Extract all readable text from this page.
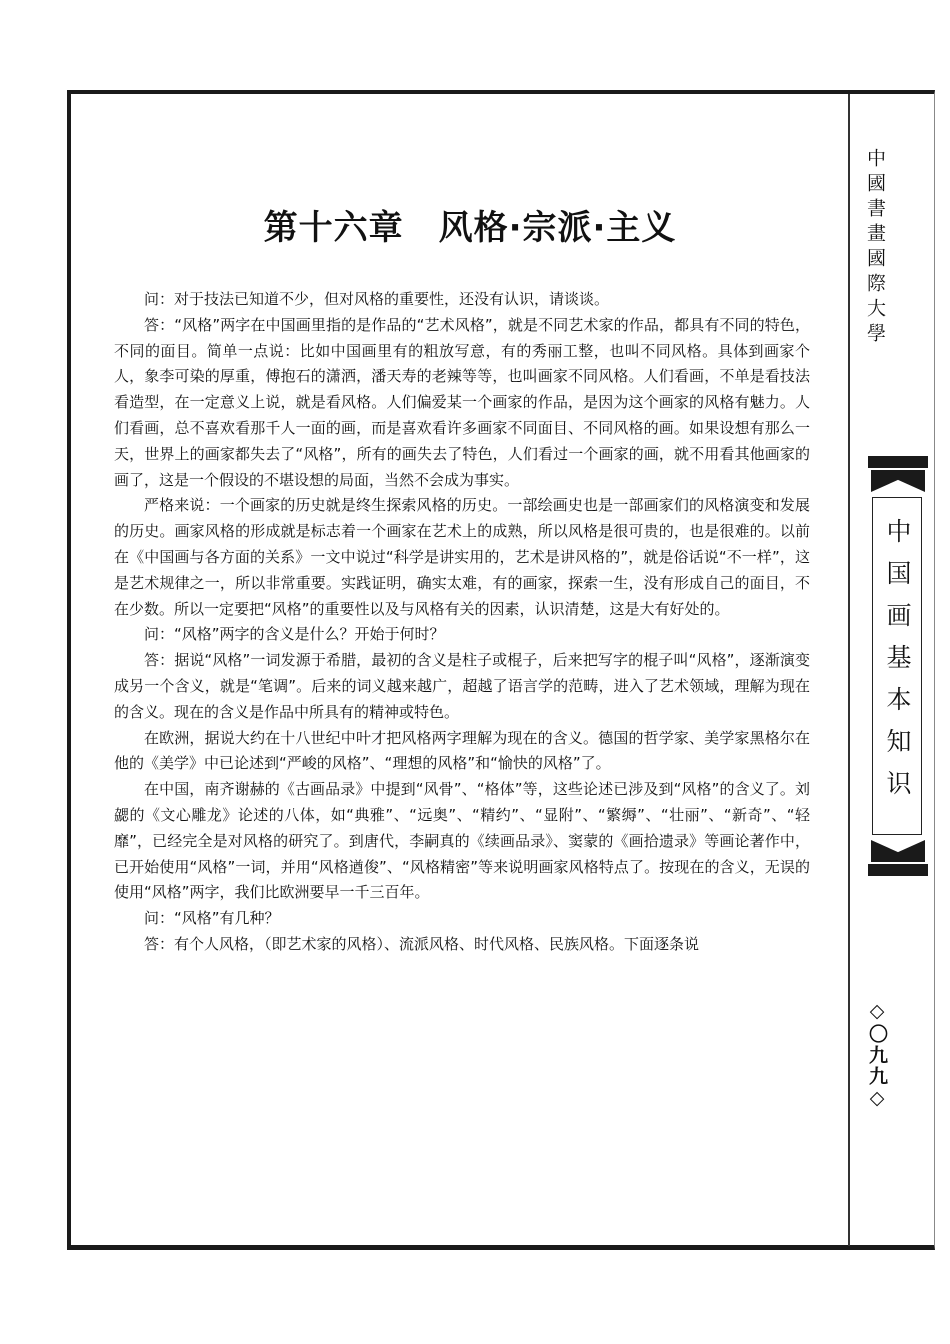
中國書畫國際大學
中国画基本知识
◇〇九九◇
第十六章　风格·宗派·主义

问：对于技法已知道不少，但对风格的重要性，还没有认识，请谈谈。

答：“风格”两字在中国画里指的是作品的“艺术风格”，就是不同艺术家的作品，都具有不同的特色，不同的面目。简单一点说：比如中国画里有的粗放写意，有的秀丽工整，也叫不同风格。具体到画家个人，象李可染的厚重，傅抱石的潇洒，潘天寿的老辣等等，也叫画家不同风格。人们看画，不单是看技法看造型，在一定意义上说，就是看风格。人们偏爱某一个画家的作品，是因为这个画家的风格有魅力。人们看画，总不喜欢看那千人一面的画，而是喜欢看许多画家不同面目、不同风格的画。如果设想有那么一天，世界上的画家都失去了“风格”，所有的画失去了特色，人们看过一个画家的画，就不用看其他画家的画了，这是一个假设的不堪设想的局面，当然不会成为事实。

严格来说：一个画家的历史就是终生探索风格的历史。一部绘画史也是一部画家们的风格演变和发展的历史。画家风格的形成就是标志着一个画家在艺术上的成熟，所以风格是很可贵的，也是很难的。以前在《中国画与各方面的关系》一文中说过“科学是讲实用的，艺术是讲风格的”，就是俗话说“不一样”，这是艺术规律之一，所以非常重要。实践证明，确实太难，有的画家，探索一生，没有形成自己的面目，不在少数。所以一定要把“风格”的重要性以及与风格有关的因素，认识清楚，这是大有好处的。

问：“风格”两字的含义是什么？开始于何时？

答：据说“风格”一词发源于希腊，最初的含义是柱子或棍子，后来把写字的棍子叫“风格”，逐渐演变成另一个含义，就是“笔调”。后来的词义越来越广，超越了语言学的范畴，进入了艺术领域，理解为现在的含义。现在的含义是作品中所具有的精神或特色。

在欧洲，据说大约在十八世纪中叶才把风格两字理解为现在的含义。德国的哲学家、美学家黑格尔在他的《美学》中已论述到“严峻的风格”、“理想的风格”和“愉快的风格”了。

在中国，南齐谢赫的《古画品录》中提到“风骨”、“格体”等，这些论述已涉及到“风格”的含义了。刘勰的《文心雕龙》论述的八体，如“典雅”、“远奥”、“精约”、“显附”、“繁缛”、“壮丽”、“新奇”、“轻靡”，已经完全是对风格的研究了。到唐代，李嗣真的《续画品录》、窦蒙的《画拾遗录》等画论著作中，已开始使用“风格”一词，并用“风格遒俊”、“风格精密”等来说明画家风格特点了。按现在的含义，无误的使用“风格”两字，我们比欧洲要早一千三百年。

问：“风格”有几种？

答：有个人风格，（即艺术家的风格）、流派风格、时代风格、民族风格。下面逐条说
